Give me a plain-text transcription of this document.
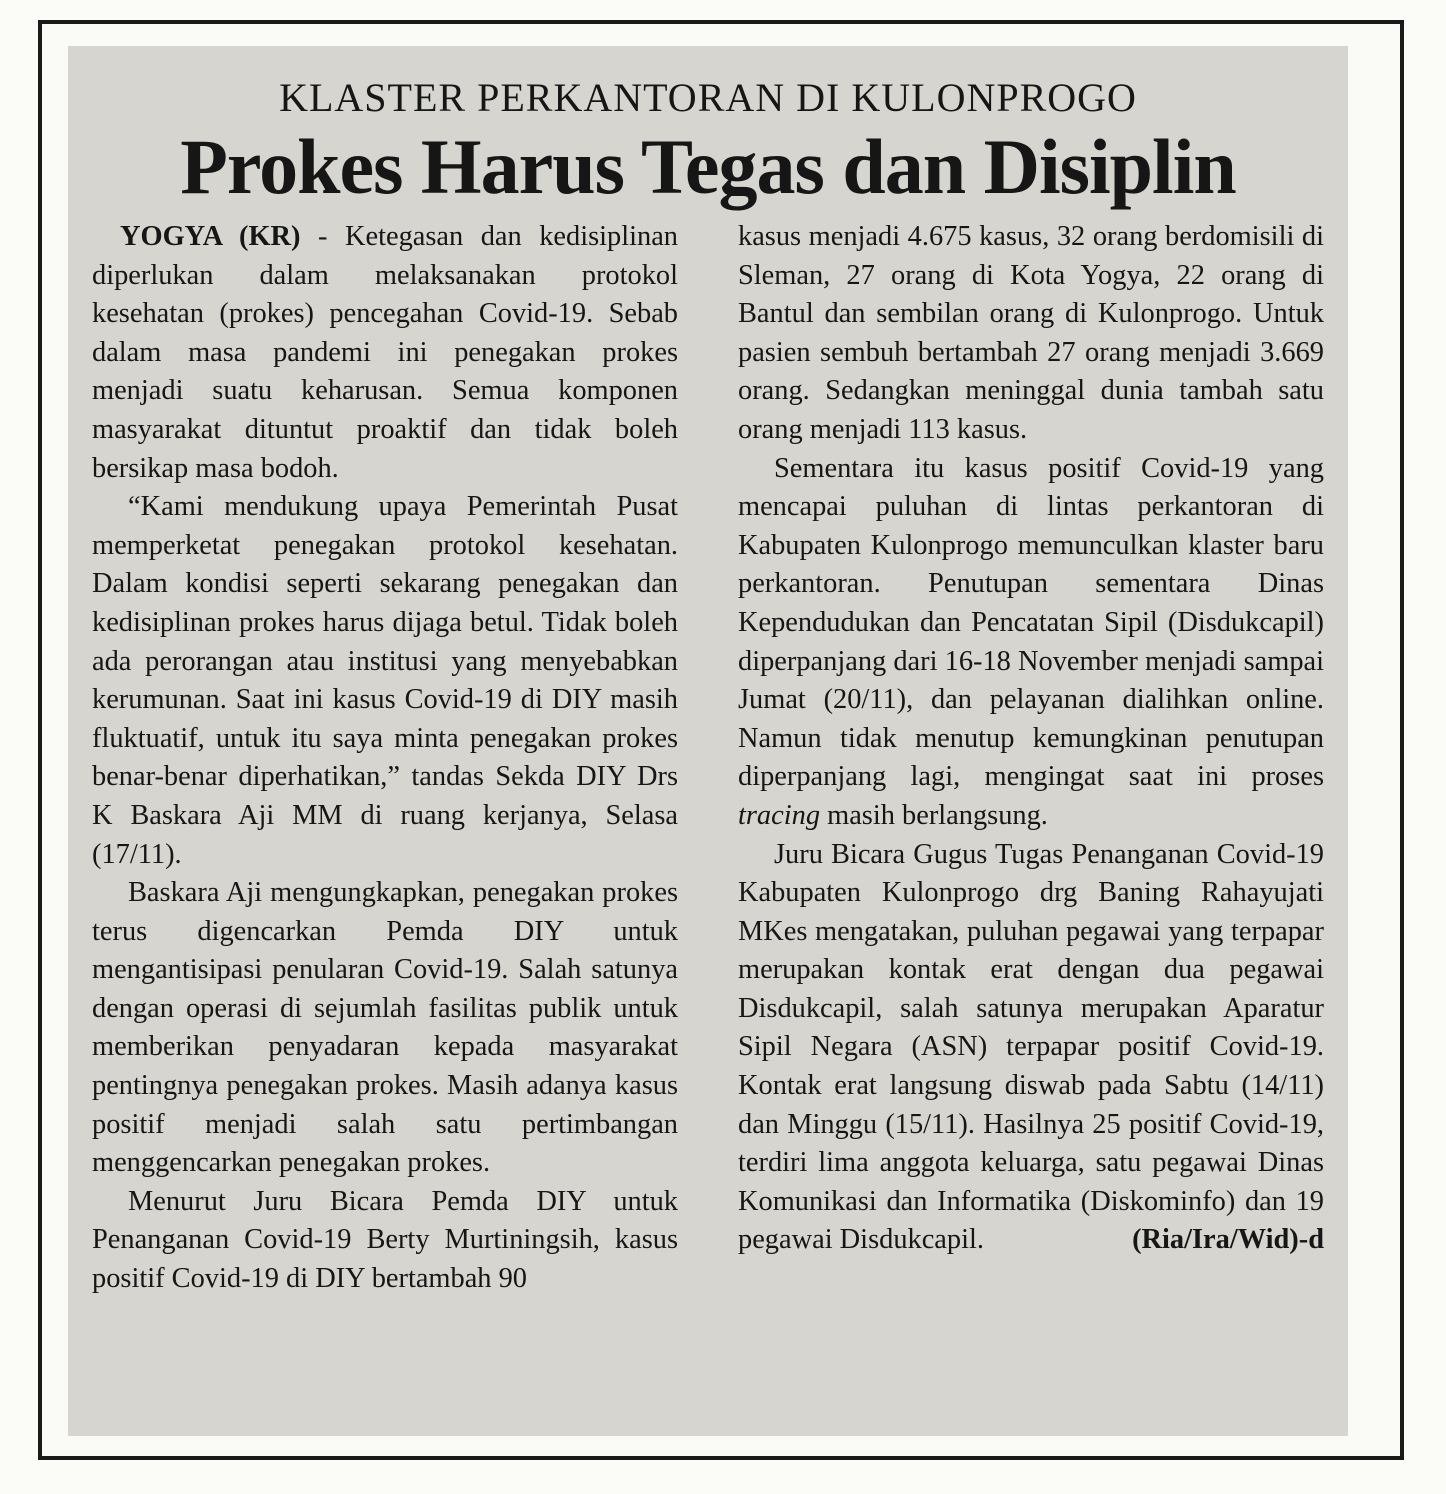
KLASTER PERKANTORAN DI KULONPROGO
Prokes Harus Tegas dan Disiplin

YOGYA (KR) - Ketegasan dan kedisiplinan diperlukan dalam melaksanakan protokol kesehatan (prokes) pencegahan Covid-19. Sebab dalam masa pandemi ini penegakan prokes menjadi suatu keharusan. Semua komponen masyarakat dituntut proaktif dan tidak boleh bersikap masa bodoh.

“Kami mendukung upaya Pemerintah Pusat memperketat penegakan protokol kesehatan. Dalam kondisi seperti sekarang penegakan dan kedisiplinan prokes harus dijaga betul. Tidak boleh ada perorangan atau institusi yang menyebabkan kerumunan. Saat ini kasus Covid-19 di DIY masih fluktuatif, untuk itu saya minta penegakan prokes benar-benar diperhatikan,” tandas Sekda DIY Drs K Baskara Aji MM di ruang kerjanya, Selasa (17/11).

Baskara Aji mengungkapkan, penegakan prokes terus digencarkan Pemda DIY untuk mengantisipasi penularan Covid-19. Salah satunya dengan operasi di sejumlah fasilitas publik untuk memberikan penyadaran kepada masyarakat pentingnya penegakan prokes. Masih adanya kasus positif menjadi salah satu pertimbangan menggencarkan penegakan prokes.

Menurut Juru Bicara Pemda DIY untuk Penanganan Covid-19 Berty Murtiningsih, kasus positif Covid-19 di DIY bertambah 90

kasus menjadi 4.675 kasus, 32 orang berdomisili di Sleman, 27 orang di Kota Yogya, 22 orang di Bantul dan sembilan orang di Kulonprogo. Untuk pasien sembuh bertambah 27 orang menjadi 3.669 orang. Sedangkan meninggal dunia tambah satu orang menjadi 113 kasus.

Sementara itu kasus positif Covid-19 yang mencapai puluhan di lintas perkantoran di Kabupaten Kulonprogo memunculkan klaster baru perkantoran. Penutupan sementara Dinas Kependudukan dan Pencatatan Sipil (Disdukcapil) diperpanjang dari 16-18 November menjadi sampai Jumat (20/11), dan pelayanan dialihkan online. Namun tidak menutup kemungkinan penutupan diperpanjang lagi, mengingat saat ini proses tracing masih berlangsung.

Juru Bicara Gugus Tugas Penanganan Covid-19 Kabupaten Kulonprogo drg Baning Rahayujati MKes mengatakan, puluhan pegawai yang terpapar merupakan kontak erat dengan dua pegawai Disdukcapil, salah satunya merupakan Aparatur Sipil Negara (ASN) terpapar positif Covid-19. Kontak erat langsung diswab pada Sabtu (14/11) dan Minggu (15/11). Hasilnya 25 positif Covid-19, terdiri lima anggota keluarga, satu pegawai Dinas Komunikasi dan Informatika (Diskominfo) dan 19 pegawai Disdukcapil.	(Ria/Ira/Wid)-d
